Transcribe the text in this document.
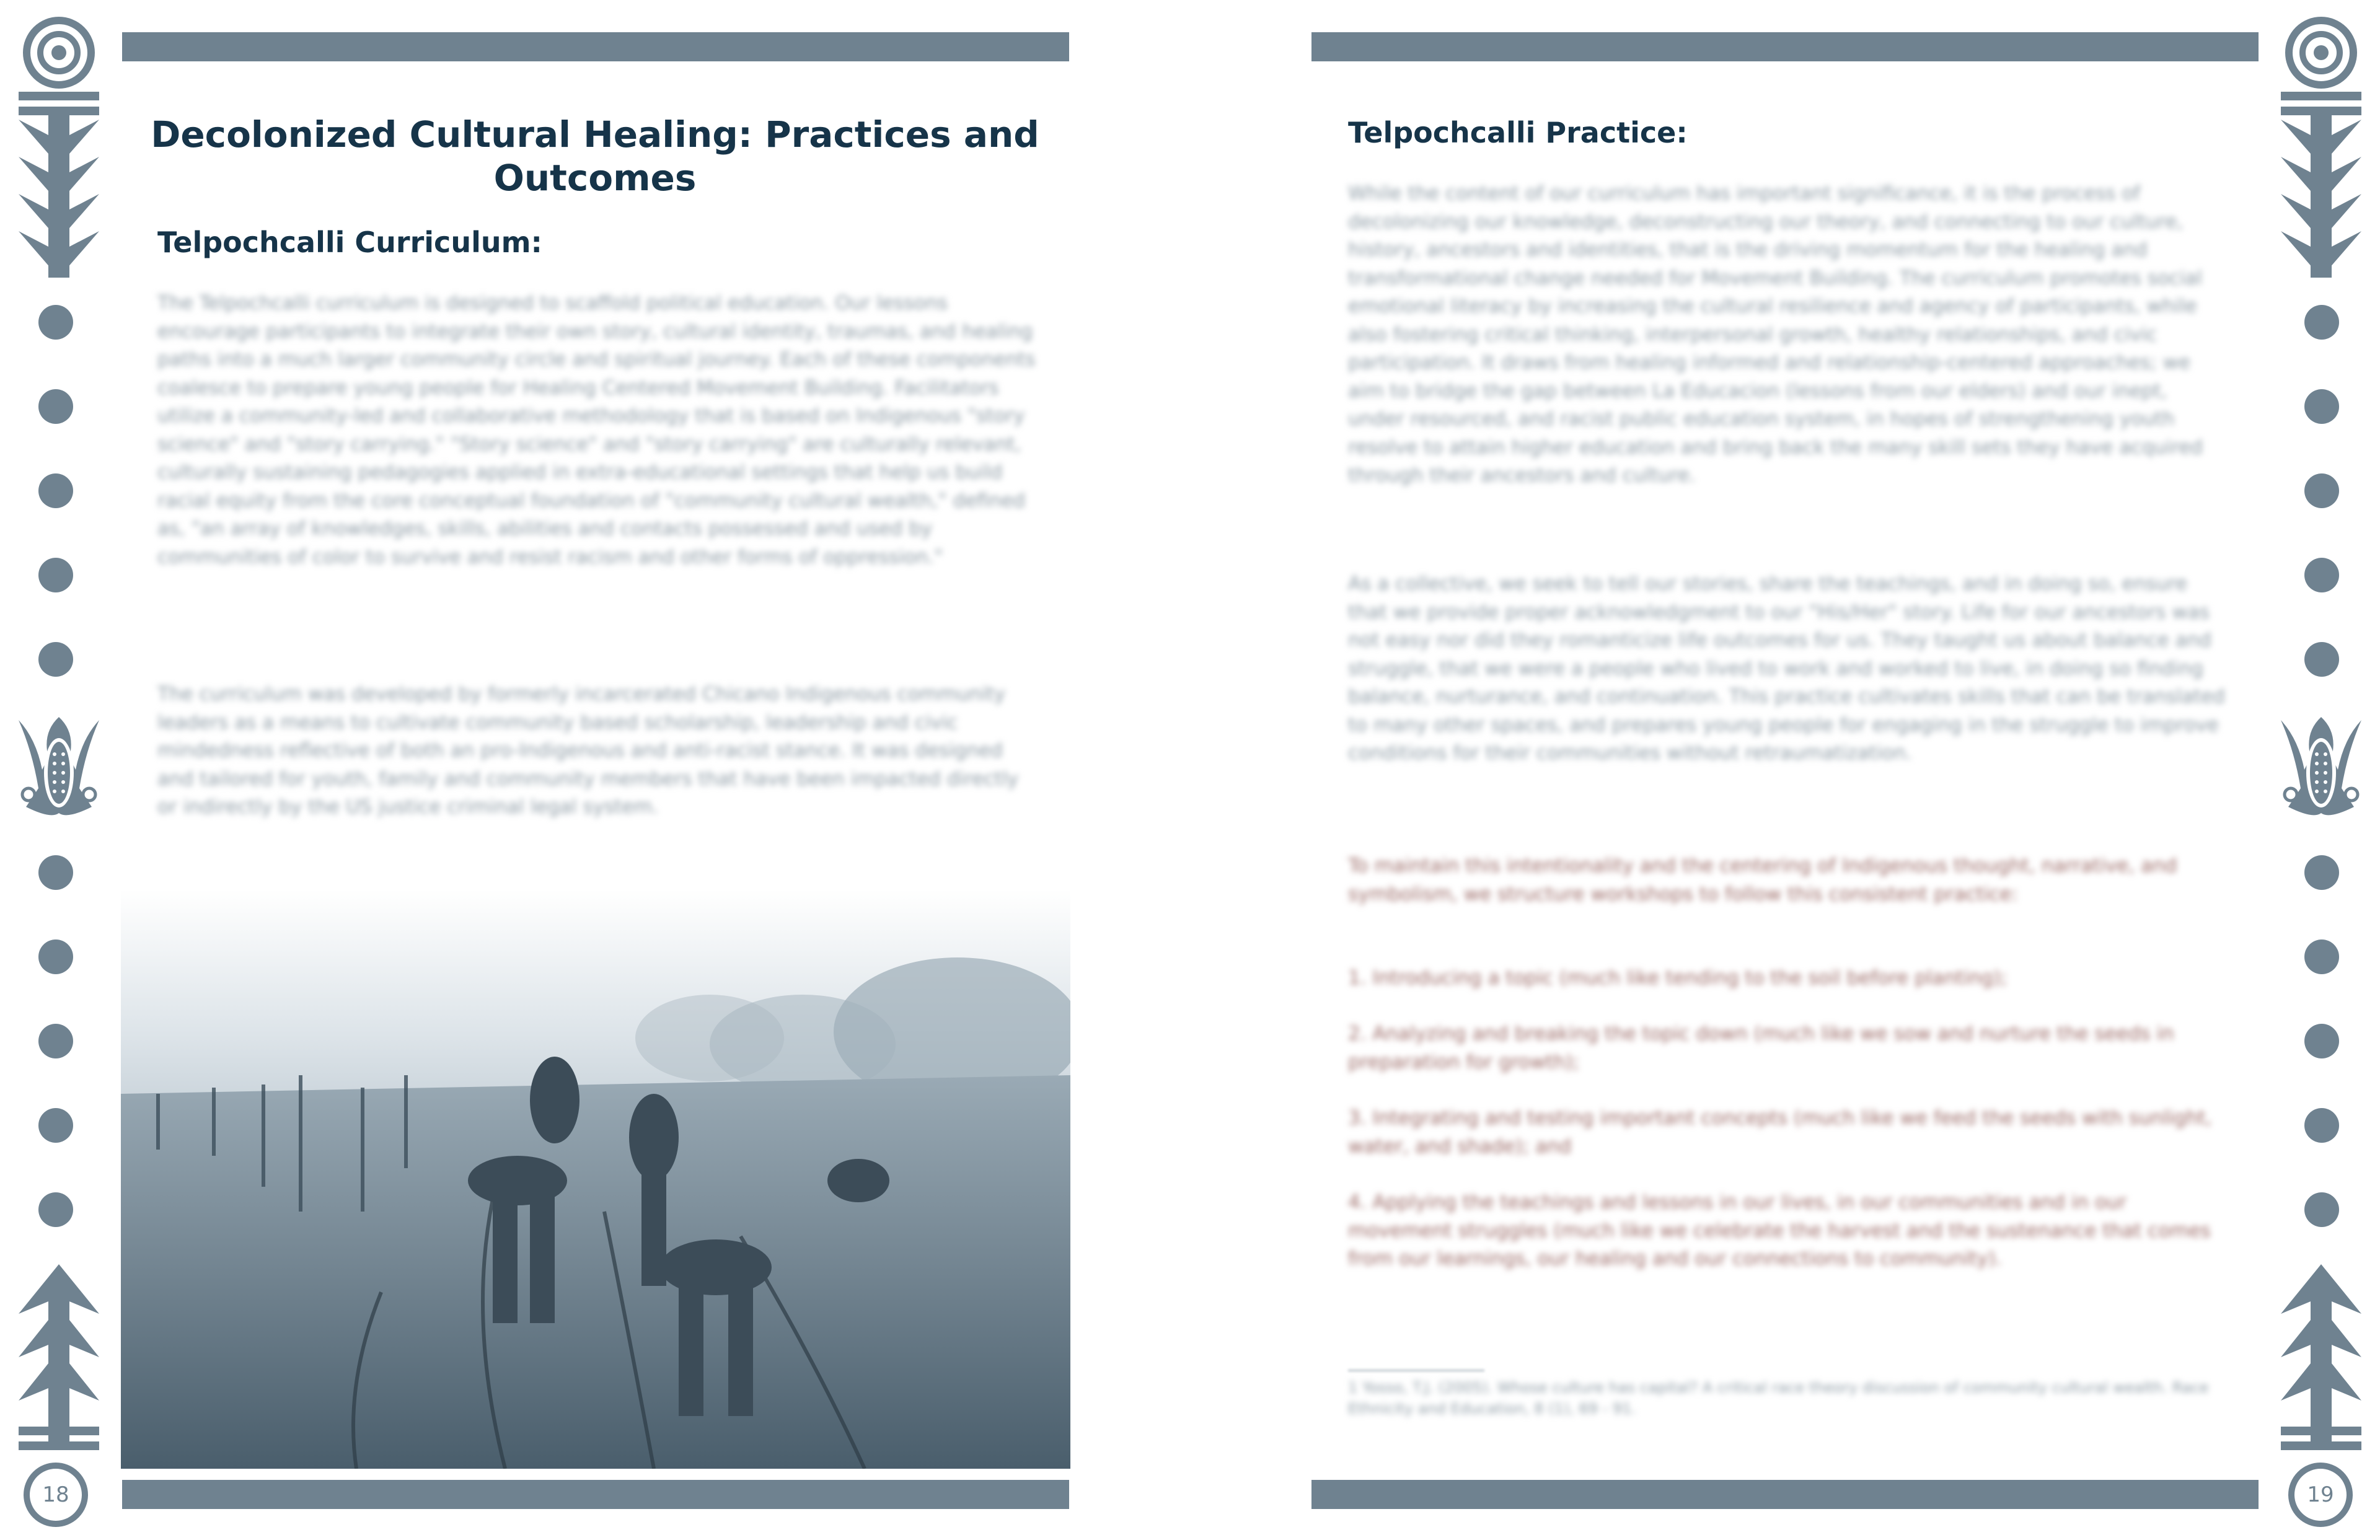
18	19
Decolonized Cultural Healing: Practices and Outcomes
Telpochcalli Curriculum:

The Telpochcalli curriculum is designed to scaffold political education. Our lessons encourage participants to integrate their own story, cultural identity, traumas, and healing paths into a much larger community circle and spiritual journey. Each of these components coalesce to prepare young people for Healing Centered Movement Building. Facilitators utilize a community-led and collaborative methodology that is based on Indigenous "story science" and "story carrying." "Story science" and "story carrying" are culturally relevant, culturally sustaining pedagogies applied in extra-educational settings that help us build racial equity from the core conceptual foundation of "community cultural wealth," defined as, "an array of knowledges, skills, abilities and contacts possessed and used by communities of color to survive and resist racism and other forms of oppression."

The curriculum was developed by formerly incarcerated Chicano Indigenous community leaders as a means to cultivate community based scholarship, leadership and civic mindedness reflective of both an pro-Indigenous and anti-racist stance. It was designed and tailored for youth, family and community members that have been impacted directly or indirectly by the US justice criminal legal system.

Telpochcalli Practice:

While the content of our curriculum has important significance, it is the process of decolonizing our knowledge, deconstructing our theory, and connecting to our culture, history, ancestors and identities, that is the driving momentum for the healing and transformational change needed for Movement Building. The curriculum promotes social emotional literacy by increasing the cultural resilience and agency of participants, while also fostering critical thinking, interpersonal growth, healthy relationships, and civic participation. It draws from healing informed and relationship-centered approaches; we aim to bridge the gap between La Educacion (lessons from our elders) and our inept, under resourced, and racist public education system, in hopes of strengthening youth resolve to attain higher education and bring back the many skill sets they have acquired through their ancestors and culture.

As a collective, we seek to tell our stories, share the teachings, and in doing so, ensure that we provide proper acknowledgment to our "His/Her" story. Life for our ancestors was not easy nor did they romanticize life outcomes for us. They taught us about balance and struggle, that we were a people who lived to work and worked to live, in doing so finding balance, nurturance, and continuation. This practice cultivates skills that can be translated to many other spaces, and prepares young people for engaging in the struggle to improve conditions for their communities without retraumatization.

To maintain this intentionality and the centering of Indigenous thought, narrative, and symbolism, we structure workshops to follow this consistent practice:

1. Introducing a topic (much like tending to the soil before planting);

2. Analyzing and breaking the topic down (much like we sow and nurture the seeds in preparation for growth);

3. Integrating and testing important concepts (much like we feed the seeds with sunlight, water, and shade); and

4. Applying the teachings and lessons in our lives, in our communities and in our movement struggles (much like we celebrate the harvest and the sustenance that comes from our learnings, our healing and our connections to community).

1 Yosso, T.J. (2005). Whose culture has capital? A critical race theory discussion of community cultural wealth. Race Ethnicity and Education, 8 (1), 69 - 91.
